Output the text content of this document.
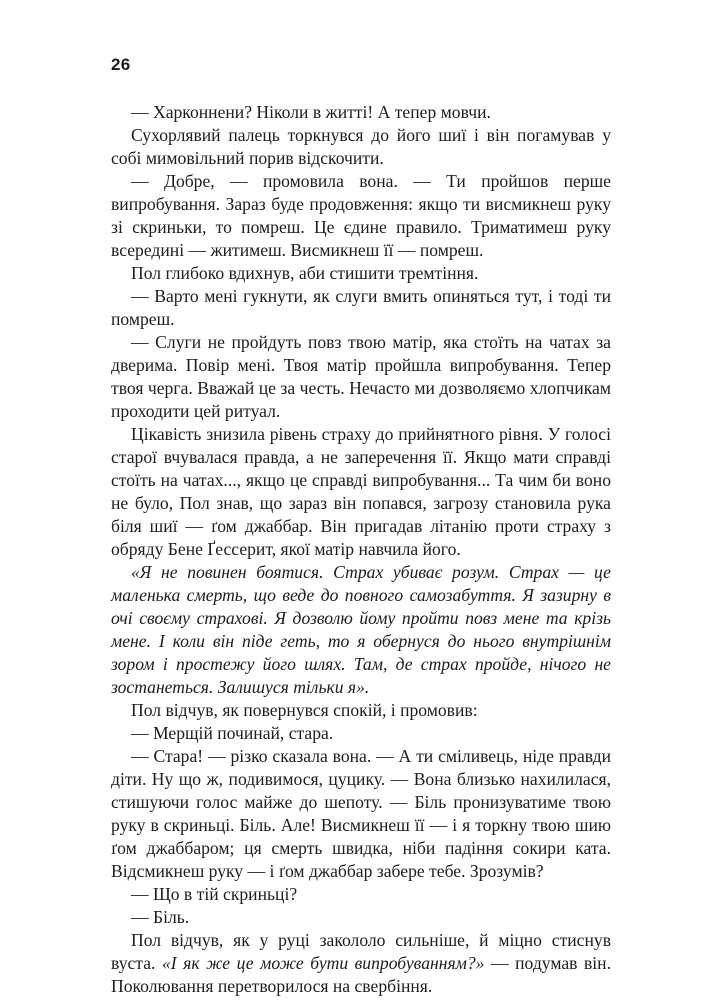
26

— Харконнени? Ніколи в житті! А тепер мовчи.

Сухорлявий палець торкнувся до його шиї і він погамував у собі мимовільний порив відскочити.

— Добре, — промовила вона. — Ти пройшов перше випробування. Зараз буде продовження: якщо ти висмикнеш руку зі скриньки, то помреш. Це єдине правило. Триматимеш руку всередині — житимеш. Висмикнеш її — помреш.

Пол глибоко вдихнув, аби стишити тремтіння.

— Варто мені гукнути, як слуги вмить опиняться тут, і тоді ти помреш.

— Слуги не пройдуть повз твою матір, яка стоїть на чатах за дверима. Повір мені. Твоя матір пройшла випробування. Тепер твоя черга. Вважай це за честь. Нечасто ми дозволяємо хлопчикам проходити цей ритуал.

Цікавість знизила рівень страху до прийнятного рівня. У голосі старої вчувалася правда, а не заперечення її. Якщо мати справді стоїть на чатах..., якщо це справді випробування... Та чим би воно не було, Пол знав, що зараз він попався, загрозу становила рука біля шиї — ґом джаббар. Він пригадав літанію проти страху з обряду Бене Ґессерит, якої матір навчила його.

«Я не повинен боятися. Страх убиває розум. Страх — це маленька смерть, що веде до повного самозабуття. Я зазирну в очі своєму страхові. Я дозволю йому пройти повз мене та крізь мене. І коли він піде геть, то я обернуся до нього внутрішнім зором і простежу його шлях. Там, де страх пройде, нічого не зостанеться. Залишуся тільки я».

Пол відчув, як повернувся спокій, і промовив:

— Мерщій починай, стара.

— Стара! — різко сказала вона. — А ти сміливець, ніде правди діти. Ну що ж, подивимося, цуцику. — Вона близько нахилилася, стишуючи голос майже до шепоту. — Біль пронизуватиме твою руку в скриньці. Біль. Але! Висмикнеш її — і я торкну твою шию ґом джаббаром; ця смерть швидка, ніби падіння сокири ката. Відсмикнеш руку — і ґом джаббар забере тебе. Зрозумів?

— Що в тій скриньці?

— Біль.

Пол відчув, як у руці закололо сильніше, й міцно стиснув вуста. «І як же це може бути випробуванням?» — подумав він. Поколювання перетворилося на свербіння.
